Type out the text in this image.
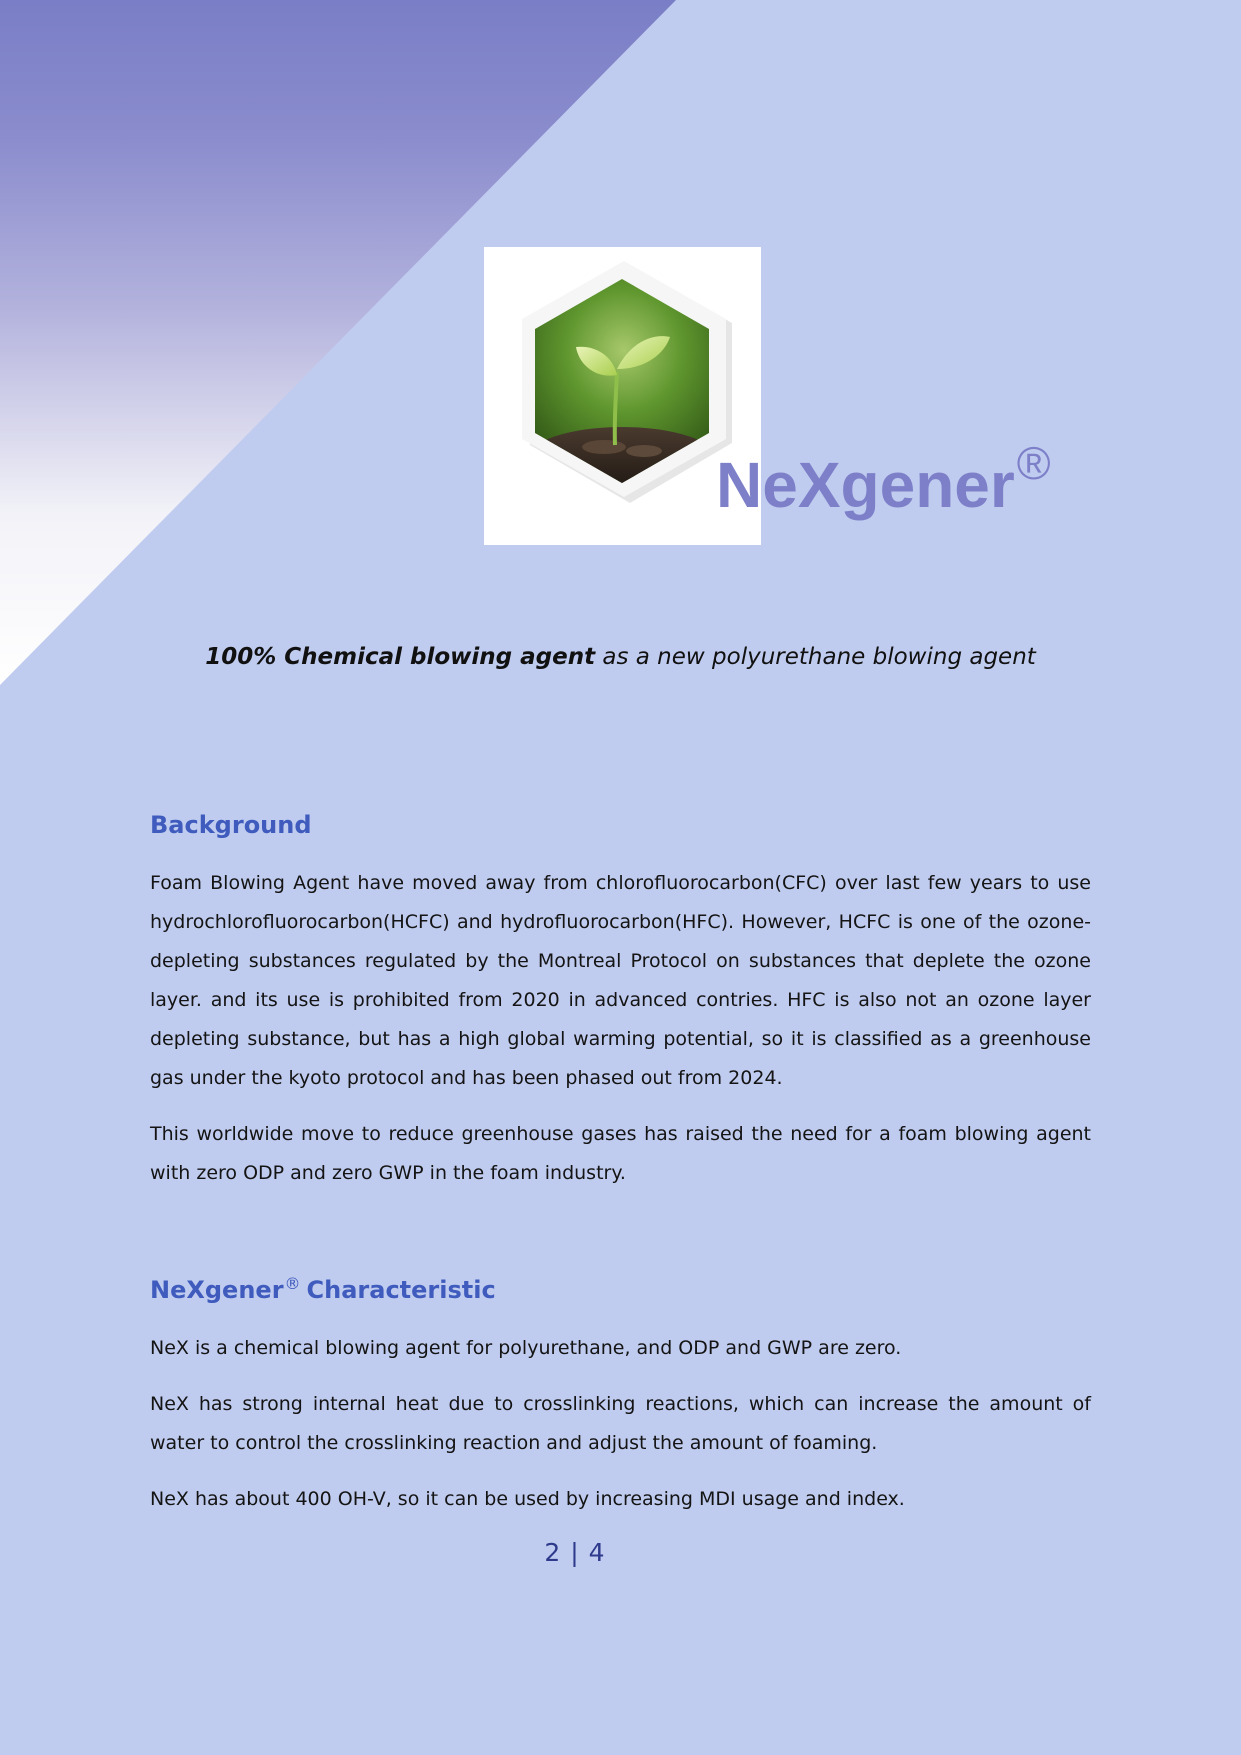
NeXgener®
100% Chemical blowing agent as a new polyurethane blowing agent
Background

Foam Blowing Agent have moved away from chlorofluorocarbon(CFC) over last few years to use hydrochlorofluorocarbon(HCFC) and hydrofluorocarbon(HFC). However, HCFC is one of the ozone-depleting substances regulated by the Montreal Protocol on substances that deplete the ozone layer. and its use is prohibited from 2020 in advanced contries. HFC is also not an ozone layer depleting substance, but has a high global warming potential, so it is classified as a greenhouse gas under the kyoto protocol and has been phased out from 2024.

This worldwide move to reduce greenhouse gases has raised the need for a foam blowing agent with zero ODP and zero GWP in the foam industry.

NeXgener® Characteristic

NeX is a chemical blowing agent for polyurethane, and ODP and GWP are zero.

NeX has strong internal heat due to crosslinking reactions, which can increase the amount of water to control the crosslinking reaction and adjust the amount of foaming.

NeX has about 400 OH-V, so it can be used by increasing MDI usage and index.

2 | 4
